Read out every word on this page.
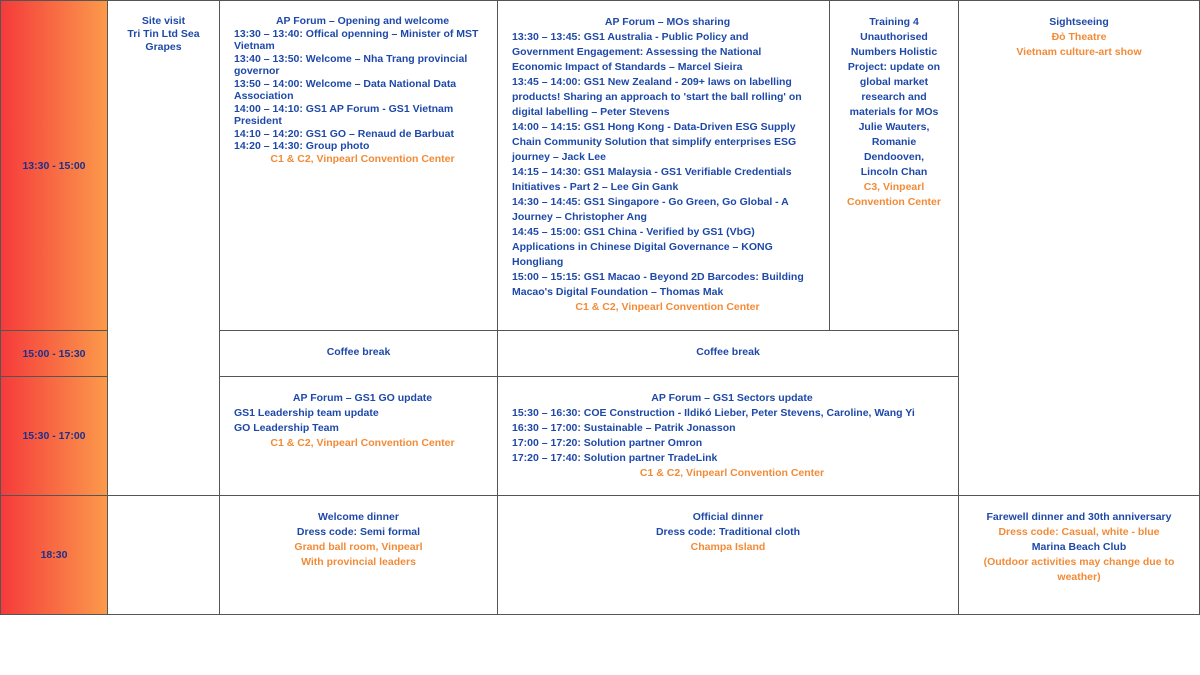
13:30 - 15:00
15:00 - 15:30
15:30 - 17:00
18:30
Site visit
Tri Tin Ltd Sea
Grapes
AP Forum – Opening and welcome
13:30 – 13:40: Offical openning – Minister of MST
Vietnam
13:40 – 13:50: Welcome – Nha Trang provincial
governor
13:50 – 14:00: Welcome – Data National Data
Association
14:00 – 14:10: GS1 AP Forum - GS1 Vietnam
President
14:10 – 14:20: GS1 GO – Renaud de Barbuat
14:20 – 14:30: Group photo
C1 & C2, Vinpearl Convention Center
AP Forum – MOs sharing
13:30 – 13:45: GS1 Australia - Public Policy and
Government Engagement: Assessing the National
Economic Impact of Standards – Marcel Sieira
13:45 – 14:00: GS1 New Zealand - 209+ laws on labelling
products! Sharing an approach to 'start the ball rolling' on
digital labelling – Peter Stevens
14:00 – 14:15: GS1 Hong Kong - Data-Driven ESG Supply
Chain Community Solution that simplify enterprises ESG
journey – Jack Lee
14:15 – 14:30: GS1 Malaysia - GS1 Verifiable Credentials
Initiatives - Part 2 – Lee Gin Gank
14:30 – 14:45: GS1 Singapore - Go Green, Go Global - A
Journey – Christopher Ang
14:45 – 15:00: GS1 China - Verified by GS1 (VbG)
Applications in Chinese Digital Governance – KONG
Hongliang
15:00 – 15:15: GS1 Macao - Beyond 2D Barcodes: Building
Macao's Digital Foundation – Thomas Mak
C1 & C2, Vinpearl Convention Center
Training 4
Unauthorised
Numbers Holistic
Project: update on
global market
research and
materials for MOs
Julie Wauters,
Romanie
Dendooven,
Lincoln Chan
C3, Vinpearl
Convention Center
Sightseeing
Đỏ Theatre
Vietnam culture-art show
Coffee break	Coffee break
AP Forum – GS1 GO update
GS1 Leadership team update
GO Leadership Team
C1 & C2, Vinpearl Convention Center
AP Forum – GS1 Sectors update
15:30 – 16:30: COE Construction - Ildikó Lieber, Peter Stevens, Caroline, Wang Yi
16:30 – 17:00: Sustainable – Patrik Jonasson
17:00 – 17:20: Solution partner Omron
17:20 – 17:40: Solution partner TradeLink
C1 & C2, Vinpearl Convention Center
Welcome dinner
Dress code: Semi formal
Grand ball room, Vinpearl
With provincial leaders
Official dinner
Dress code: Traditional cloth
Champa Island
Farewell dinner and 30th anniversary
Dress code: Casual, white - blue
Marina Beach Club
(Outdoor activities may change due to
weather)
